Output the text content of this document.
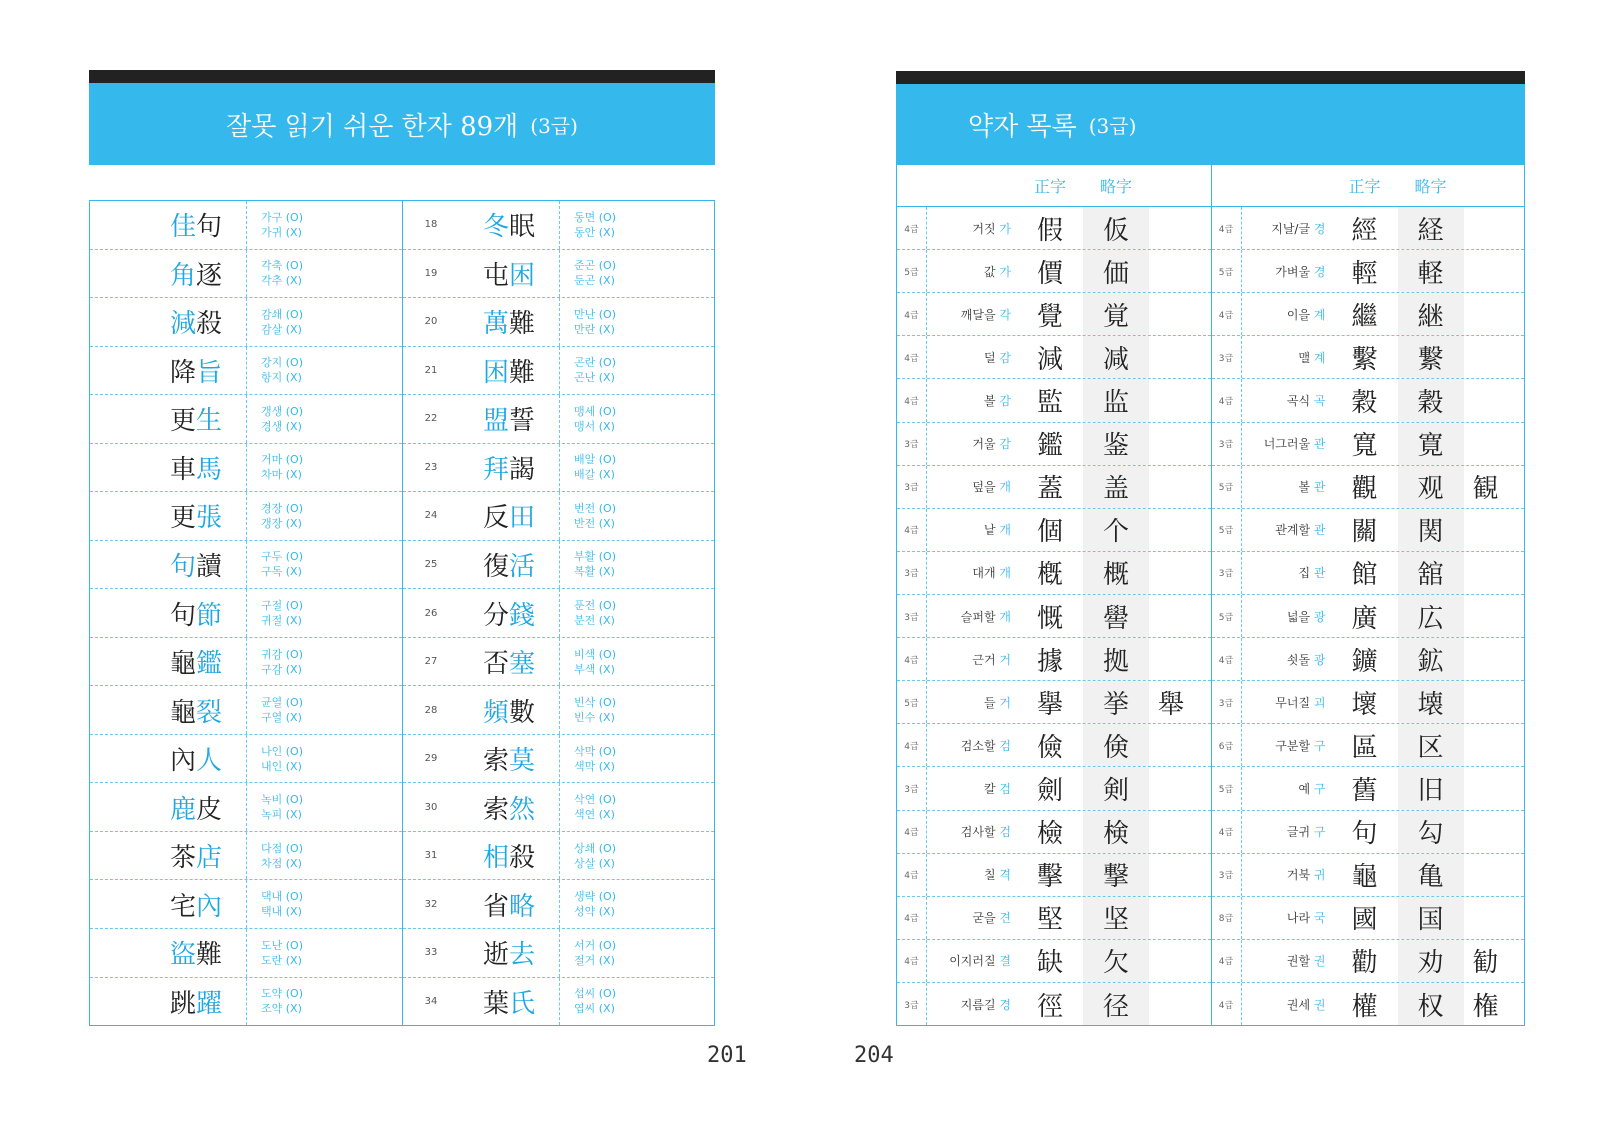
잘못 읽기 쉬운 한자 89개 (3급)
佳 句	가구 (O)
가귀 (X)
角 逐	각축 (O)
각추 (X)
減 殺	감쇄 (O)
감살 (X)
降 旨	강지 (O)
항지 (X)
更 生	갱생 (O)
경생 (X)
車 馬	거마 (O)
차마 (X)
更 張	경장 (O)
갱장 (X)
句 讀	구두 (O)
구독 (X)
句 節	구절 (O)
귀절 (X)
龜 鑑	귀감 (O)
구감 (X)
龜 裂	균열 (O)
구열 (X)
內 人	나인 (O)
내인 (X)
鹿 皮	녹비 (O)
녹피 (X)
茶 店	다점 (O)
차점 (X)
宅 內	댁내 (O)
택내 (X)
盜 難	도난 (O)
도란 (X)
跳 躍	도약 (O)
조약 (X)
18	冬 眠	동면 (O)
동안 (X)
19	屯 困	준곤 (O)
둔곤 (X)
20	萬 難	만난 (O)
만란 (X)
21	困 難	곤란 (O)
곤난 (X)
22	盟 誓	맹세 (O)
맹서 (X)
23	拜 謁	배알 (O)
배갈 (X)
24	反 田	번전 (O)
반전 (X)
25	復 活	부활 (O)
복활 (X)
26	分 錢	푼전 (O)
분전 (X)
27	否 塞	비색 (O)
부색 (X)
28	頻 數	빈삭 (O)
빈수 (X)
29	索 莫	삭막 (O)
색막 (X)
30	索 然	삭연 (O)
색연 (X)
31	相 殺	상쇄 (O)
상살 (X)
32	省 略	생략 (O)
성약 (X)
33	逝 去	서거 (O)
절거 (X)
34	葉 氏	섭씨 (O)
엽씨 (X)
201
약자 목록 (3급)
正字	略字
4급	거짓 가 假	仮
5급	값 가 價	価
4급	깨달을 각 覺	覚
4급	덜 감 減	减
4급	볼 감 監	监
3급	거울 감 鑑	鉴
3급	덮을 개 蓋	盖
4급	낱 개 個	个
3급	대개 개 槪	概
3급	슬퍼할 개 慨	嚳
4급	근거 거 據	拠
5급	들 거 擧	挙	舉
4급	검소할 검 儉	倹
3급	칼 검 劍	剣
4급	검사할 검 檢	検
4급	칠 격 擊	撃
4급	굳을 견 堅	坚
4급	이지러질 결 缺	欠
3급	지름길 경 徑	径
正字	略字
4급	지날/글 경 經	経
5급	가벼울 경 輕	軽
4급	이을 계 繼	継
3급	맬 계 繫	繋
4급	곡식 곡 穀	穀
3급	너그러울 관 寬	寛
5급	볼 관 觀	观	観
5급	관계할 관 關	関
3급	집 관 館	舘
5급	넓을 광 廣	広
4급	쇳돌 광 鑛	鉱
3급	무너질 괴 壞	壊
6급	구분할 구 區	区
5급	예 구 舊	旧
4급	글귀 구 句	勾
3급	거북 귀 龜	亀
8급	나라 국 國	国
4급	권할 권 勸	劝	勧
4급	권세 권 權	权	権
204
